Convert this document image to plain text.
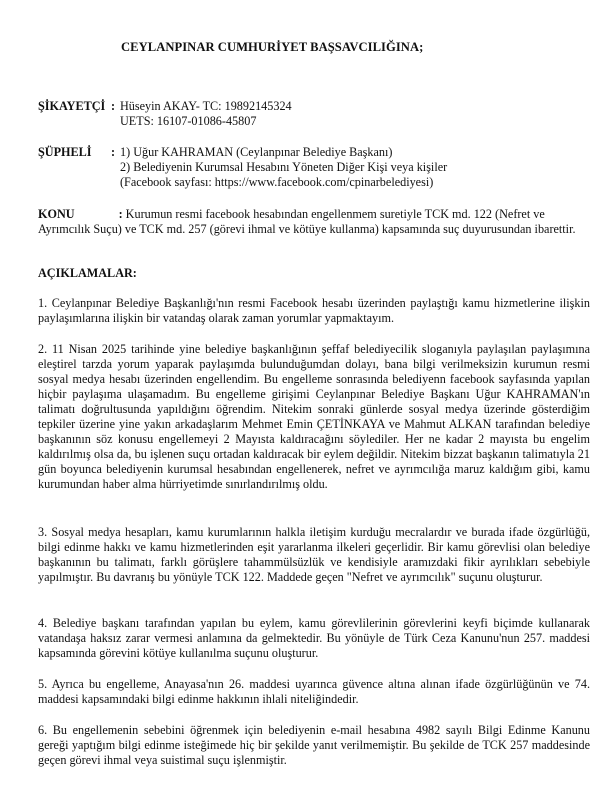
CEYLANPINAR CUMHURİYET BAŞSAVCILIĞINA;
ŞİKAYETÇİ : Hüseyin AKAY- TC: 19892145324
UETS: 16107-01086-45807
ŞÜPHELİ : 1) Uğur KAHRAMAN (Ceylanpınar Belediye Başkanı)
2) Belediyenin Kurumsal Hesabını Yöneten Diğer Kişi veya kişiler
(Facebook sayfası: https://www.facebook.com/cpinarbelediyesi)

KONU	: Kurumun resmi facebook hesabından engellenmem suretiyle TCK md. 122 (Nefret ve Ayrımcılık Suçu) ve TCK md. 257 (görevi ihmal ve kötüye kullanma) kapsamında suç duyurusundan ibarettir.

AÇIKLAMALAR:

1. Ceylanpınar Belediye Başkanlığı'nın resmi Facebook hesabı üzerinden paylaştığı kamu hizmetlerine ilişkin paylaşımlarına ilişkin bir vatandaş olarak zaman yorumlar yapmaktayım.

2. 11 Nisan 2025 tarihinde yine belediye başkanlığının şeffaf belediyecilik sloganıyla paylaşılan paylaşımına eleştirel tarzda yorum yaparak paylaşımda bulunduğumdan dolayı, bana bilgi verilmeksizin kurumun resmi sosyal medya hesabı üzerinden engellendim. Bu engelleme sonrasında belediyenn facebook sayfasında yapılan hiçbir paylaşıma ulaşamadım. Bu engelleme girişimi Ceylanpınar Belediye Başkanı Uğur KAHRAMAN'ın talimatı doğrultusunda yapıldığını öğrendim. Nitekim sonraki günlerde sosyal medya üzerinde gösterdiğim tepkiler üzerine yine yakın arkadaşlarım Mehmet Emin ÇETİNKAYA ve Mahmut ALKAN tarafından belediye başkanının söz konusu engellemeyi 2 Mayısta kaldıracağını söylediler. Her ne kadar 2 mayısta bu engelim kaldırılmış olsa da, bu işlenen suçu ortadan kaldıracak bir eylem değildir. Nitekim bizzat başkanın talimatıyla 21 gün boyunca belediyenin kurumsal hesabından engellenerek, nefret ve ayrımcılığa maruz kaldığım gibi, kamu kurumundan haber alma hürriyetimde sınırlandırılmış oldu.

3. Sosyal medya hesapları, kamu kurumlarının halkla iletişim kurduğu mecralardır ve burada ifade özgürlüğü, bilgi edinme hakkı ve kamu hizmetlerinden eşit yararlanma ilkeleri geçerlidir. Bir kamu görevlisi olan belediye başkanının bu talimatı, farklı görüşlere tahammülsüzlük ve kendisiyle aramızdaki fikir ayrılıkları sebebiyle yapılmıştır. Bu davranış bu yönüyle TCK 122. Maddede geçen "Nefret ve ayrımcılık" suçunu oluşturur.

4. Belediye başkanı tarafından yapılan bu eylem, kamu görevlilerinin görevlerini keyfi biçimde kullanarak vatandaşa haksız zarar vermesi anlamına da gelmektedir. Bu yönüyle de Türk Ceza Kanunu'nun 257. maddesi kapsamında görevini kötüye kullanılma suçunu oluşturur.

5. Ayrıca bu engelleme, Anayasa'nın 26. maddesi uyarınca güvence altına alınan ifade özgürlüğünün ve 74. maddesi kapsamındaki bilgi edinme hakkının ihlali niteliğindedir.

6. Bu engellemenin sebebini öğrenmek için belediyenin e-mail hesabına 4982 sayılı Bilgi Edinme Kanunu gereği yaptığım bilgi edinme isteğimede hiç bir şekilde yanıt verilmemiştir. Bu şekilde de TCK 257 maddesinde geçen görevi ihmal veya suistimal suçu işlenmiştir.
